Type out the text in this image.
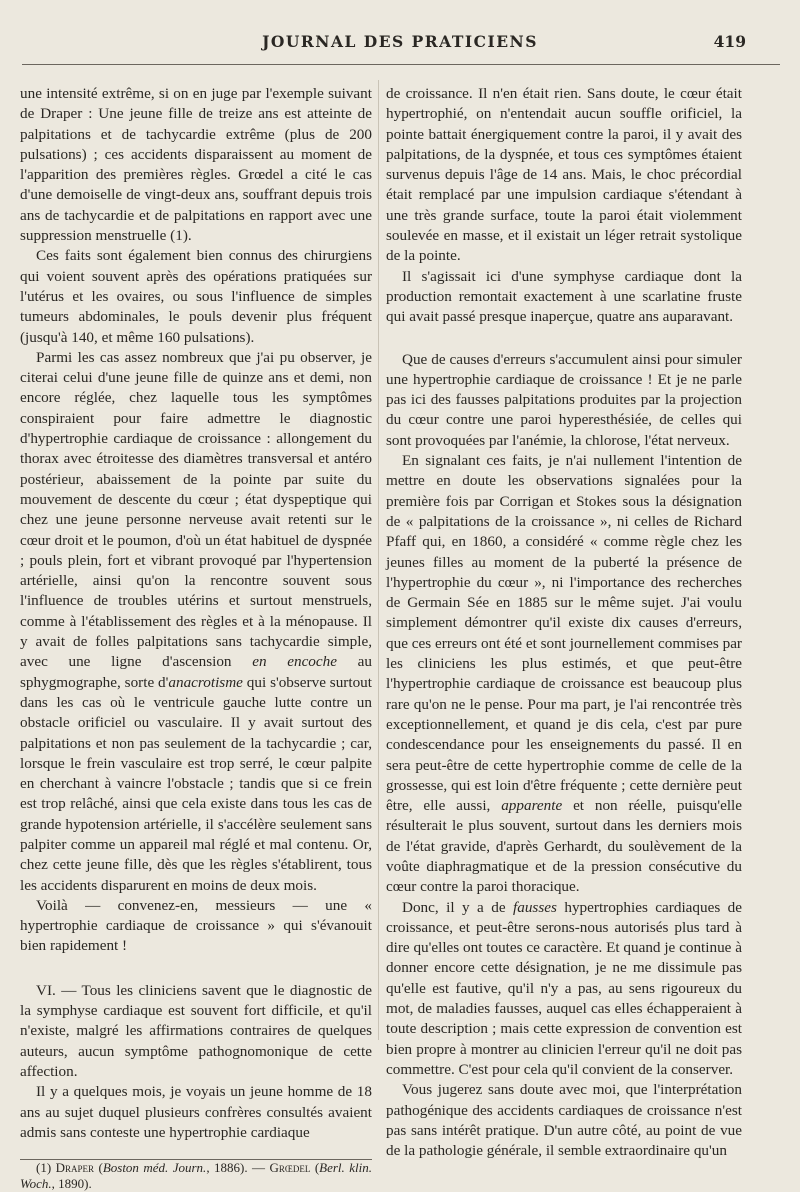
JOURNAL DES PRATICIENS	419

une intensité extrême, si on en juge par l'exemple suivant de Draper : Une jeune fille de treize ans est atteinte de palpitations et de tachycardie extrême (plus de 200 pulsations) ; ces accidents disparaissent au moment de l'apparition des premières règles. Grœdel a cité le cas d'une demoiselle de vingt-deux ans, souffrant depuis trois ans de tachycardie et de palpitations en rapport avec une suppression menstruelle (1).

Ces faits sont également bien connus des chirurgiens qui voient souvent après des opérations pratiquées sur l'utérus et les ovaires, ou sous l'influence de simples tumeurs abdominales, le pouls devenir plus fréquent (jusqu'à 140, et même 160 pulsations).

Parmi les cas assez nombreux que j'ai pu observer, je citerai celui d'une jeune fille de quinze ans et demi, non encore réglée, chez laquelle tous les symptômes conspiraient pour faire admettre le diagnostic d'hypertrophie cardiaque de croissance : allongement du thorax avec étroitesse des diamètres transversal et antéro postérieur, abaissement de la pointe par suite du mouvement de descente du cœur ; état dyspeptique qui chez une jeune personne nerveuse avait retenti sur le cœur droit et le poumon, d'où un état habituel de dyspnée ; pouls plein, fort et vibrant provoqué par l'hypertension artérielle, ainsi qu'on la rencontre souvent sous l'influence de troubles utérins et surtout menstruels, comme à l'établissement des règles et à la ménopause. Il y avait de folles palpitations sans tachycardie simple, avec une ligne d'ascension en encoche au sphygmographe, sorte d'anacrotisme qui s'observe surtout dans les cas où le ventricule gauche lutte contre un obstacle orificiel ou vasculaire. Il y avait surtout des palpitations et non pas seulement de la tachycardie ; car, lorsque le frein vasculaire est trop serré, le cœur palpite en cherchant à vaincre l'obstacle ; tandis que si ce frein est trop relâché, ainsi que cela existe dans tous les cas de grande hypotension artérielle, il s'accélère seulement sans palpiter comme un appareil mal réglé et mal contenu. Or, chez cette jeune fille, dès que les règles s'établirent, tous les accidents disparurent en moins de deux mois.

Voilà — convenez-en, messieurs — une « hypertrophie cardiaque de croissance » qui s'évanouit bien rapidement !

VI. — Tous les cliniciens savent que le diagnostic de la symphyse cardiaque est souvent fort difficile, et qu'il n'existe, malgré les affirmations contraires de quelques auteurs, aucun symptôme pathognomonique de cette affection.

Il y a quelques mois, je voyais un jeune homme de 18 ans au sujet duquel plusieurs confrères consultés avaient admis sans conteste une hypertrophie cardiaque

(1) Draper (Boston méd. Journ., 1886). — Grœdel (Berl. klin. Woch., 1890).

de croissance. Il n'en était rien. Sans doute, le cœur était hypertrophié, on n'entendait aucun souffle orificiel, la pointe battait énergiquement contre la paroi, il y avait des palpitations, de la dyspnée, et tous ces symptômes étaient survenus depuis l'âge de 14 ans. Mais, le choc précordial était remplacé par une impulsion cardiaque s'étendant à une très grande surface, toute la paroi était violemment soulevée en masse, et il existait un léger retrait systolique de la pointe.

Il s'agissait ici d'une symphyse cardiaque dont la production remontait exactement à une scarlatine fruste qui avait passé presque inaperçue, quatre ans auparavant.

Que de causes d'erreurs s'accumulent ainsi pour simuler une hypertrophie cardiaque de croissance ! Et je ne parle pas ici des fausses palpitations produites par la projection du cœur contre une paroi hyperesthésiée, de celles qui sont provoquées par l'anémie, la chlorose, l'état nerveux.

En signalant ces faits, je n'ai nullement l'intention de mettre en doute les observations signalées pour la première fois par Corrigan et Stokes sous la désignation de « palpitations de la croissance », ni celles de Richard Pfaff qui, en 1860, a considéré « comme règle chez les jeunes filles au moment de la puberté la présence de l'hypertrophie du cœur », ni l'importance des recherches de Germain Sée en 1885 sur le même sujet. J'ai voulu simplement démontrer qu'il existe dix causes d'erreurs, que ces erreurs ont été et sont journellement commises par les cliniciens les plus estimés, et que peut-être l'hypertrophie cardiaque de croissance est beaucoup plus rare qu'on ne le pense. Pour ma part, je l'ai rencontrée très exceptionnellement, et quand je dis cela, c'est par pure condescendance pour les enseignements du passé. Il en sera peut-être de cette hypertrophie comme de celle de la grossesse, qui est loin d'être fréquente ; cette dernière peut être, elle aussi, apparente et non réelle, puisqu'elle résulterait le plus souvent, surtout dans les derniers mois de l'état gravide, d'après Gerhardt, du soulèvement de la voûte diaphragmatique et de la pression consécutive du cœur contre la paroi thoracique.

Donc, il y a de fausses hypertrophies cardiaques de croissance, et peut-être serons-nous autorisés plus tard à dire qu'elles ont toutes ce caractère. Et quand je continue à donner encore cette désignation, je ne me dissimule pas qu'elle est fautive, qu'il n'y a pas, au sens rigoureux du mot, de maladies fausses, auquel cas elles échapperaient à toute description ; mais cette expression de convention est bien propre à montrer au clinicien l'erreur qu'il ne doit pas commettre. C'est pour cela qu'il convient de la conserver.

Vous jugerez sans doute avec moi, que l'interprétation pathogénique des accidents cardiaques de croissance n'est pas sans intérêt pratique. D'un autre côté, au point de vue de la pathologie générale, il semble extraordinaire qu'un
